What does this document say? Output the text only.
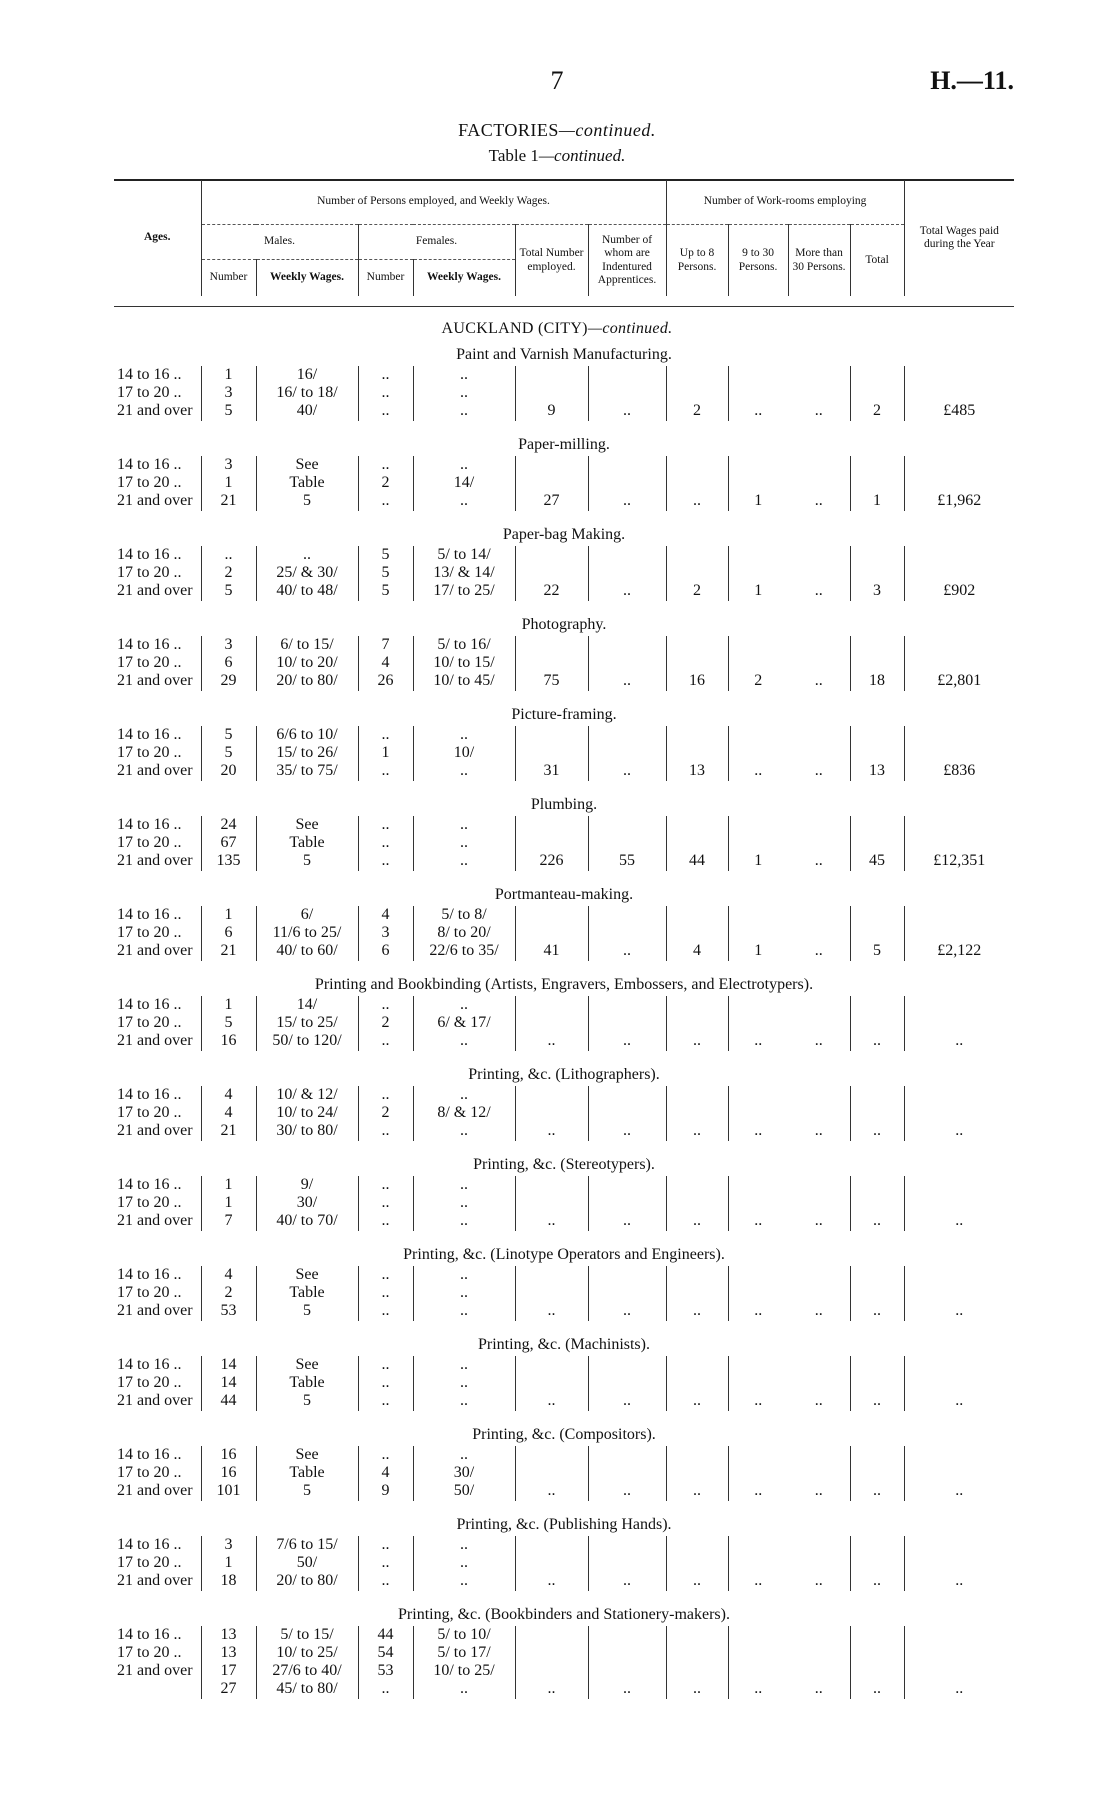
7	H.—11.
FACTORIES—continued.
Table 1—continued.
Ages.	Number of Persons employed, and Weekly Wages.						Number of Work-rooms employing				Total Wages paid during the Year
	Males.		Females.		Total Number employed.	Number of whom are Indentured Apprentices.	Up to 8 Persons.	9 to 30 Persons.	More than 30 Persons.	Total	
	Number	Weekly Wages.	Number	Weekly Wages.							
AUCKLAND (CITY)—continued.
Paint and Varnish Manufacturing.
14 to 16 ..	1	16/	..	..							
17 to 20 ..	3	16/ to 18/	..	..							
21 and over	5	40/	..	..	9	..	2	..	..	2	£485
Paper-milling.
14 to 16 ..	3	See	..	..							
17 to 20 ..	1	Table	2	14/							
21 and over	21	5	..	..	27	..	..	1	..	1	£1,962
Paper-bag Making.
14 to 16 ..	..	..	5	5/ to 14/							
17 to 20 ..	2	25/ & 30/	5	13/ & 14/							
21 and over	5	40/ to 48/	5	17/ to 25/	22	..	2	1	..	3	£902
Photography.
14 to 16 ..	3	6/ to 15/	7	5/ to 16/							
17 to 20 ..	6	10/ to 20/	4	10/ to 15/							
21 and over	29	20/ to 80/	26	10/ to 45/	75	..	16	2	..	18	£2,801
Picture-framing.
14 to 16 ..	5	6/6 to 10/	..	..							
17 to 20 ..	5	15/ to 26/	1	10/							
21 and over	20	35/ to 75/	..	..	31	..	13	..	..	13	£836
Plumbing.
14 to 16 ..	24	See	..	..							
17 to 20 ..	67	Table	..	..							
21 and over	135	5	..	..	226	55	44	1	..	45	£12,351
Portmanteau-making.
14 to 16 ..	1	6/	4	5/ to 8/							
17 to 20 ..	6	11/6 to 25/	3	8/ to 20/							
21 and over	21	40/ to 60/	6	22/6 to 35/	41	..	4	1	..	5	£2,122
Printing and Bookbinding (Artists, Engravers, Embossers, and Electrotypers).
14 to 16 ..	1	14/	..	..							
17 to 20 ..	5	15/ to 25/	2	6/ & 17/							
21 and over	16	50/ to 120/	..	..	..	..	..	..	..	..	..
Printing, &c. (Lithographers).
14 to 16 ..	4	10/ & 12/	..	..							
17 to 20 ..	4	10/ to 24/	2	8/ & 12/							
21 and over	21	30/ to 80/	..	..	..	..	..	..	..	..	..
Printing, &c. (Stereotypers).
14 to 16 ..	1	9/	..	..							
17 to 20 ..	1	30/	..	..							
21 and over	7	40/ to 70/	..	..	..	..	..	..	..	..	..
Printing, &c. (Linotype Operators and Engineers).
14 to 16 ..	4	See	..	..							
17 to 20 ..	2	Table	..	..							
21 and over	53	5	..	..	..	..	..	..	..	..	..
Printing, &c. (Machinists).
14 to 16 ..	14	See	..	..							
17 to 20 ..	14	Table	..	..							
21 and over	44	5	..	..	..	..	..	..	..	..	..
Printing, &c. (Compositors).
14 to 16 ..	16	See	..	..							
17 to 20 ..	16	Table	4	30/							
21 and over	101	5	9	50/	..	..	..	..	..	..	..
Printing, &c. (Publishing Hands).
14 to 16 ..	3	7/6 to 15/	..	..							
17 to 20 ..	1	50/	..	..							
21 and over	18	20/ to 80/	..	..	..	..	..	..	..	..	..
Printing, &c. (Bookbinders and Stationery-makers).
14 to 16 ..	13	5/ to 15/	44	5/ to 10/							
17 to 20 ..	13	10/ to 25/	54	5/ to 17/							
21 and over	17	27/6 to 40/	53	10/ to 25/							
	27	45/ to 80/	..	..	..	..	..	..	..	..	..
